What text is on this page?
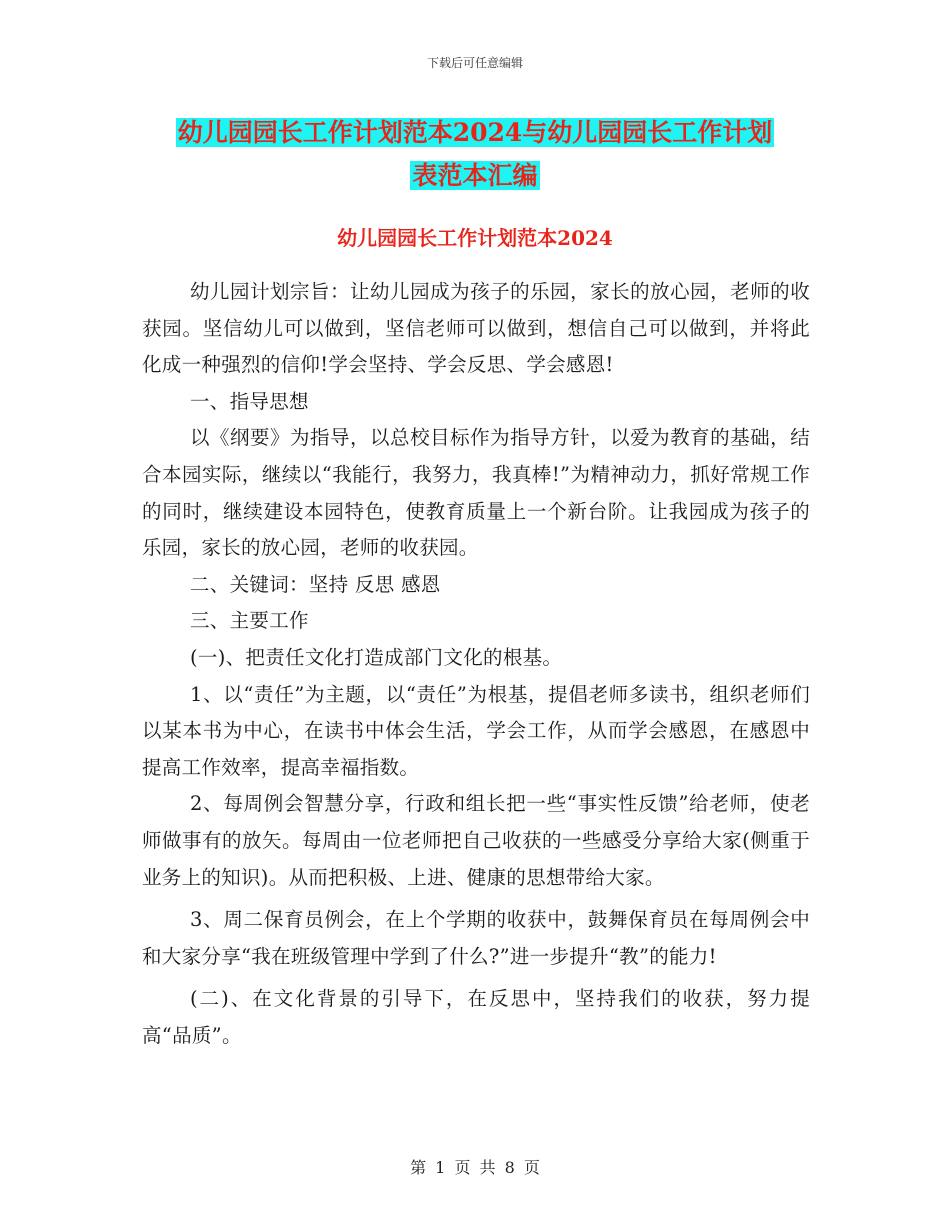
下载后可任意编辑
幼儿园园长工作计划范本2024与幼儿园园长工作计划
表范本汇编
幼儿园园长工作计划范本2024

幼儿园计划宗旨：让幼儿园成为孩子的乐园，家长的放心园，老师的收获园。坚信幼儿可以做到，坚信老师可以做到，想信自己可以做到，并将此化成一种强烈的信仰!学会坚持、学会反思、学会感恩!

一、指导思想

以《纲要》为指导，以总校目标作为指导方针，以爱为教育的基础，结合本园实际，继续以“我能行，我努力，我真棒!”为精神动力，抓好常规工作的同时，继续建设本园特色，使教育质量上一个新台阶。让我园成为孩子的乐园，家长的放心园，老师的收获园。

二、关键词：坚持 反思 感恩

三、主要工作

(一)、把责任文化打造成部门文化的根基。

1、以“责任”为主题，以“责任”为根基，提倡老师多读书，组织老师们以某本书为中心，在读书中体会生活，学会工作，从而学会感恩，在感恩中提高工作效率，提高幸福指数。

2、每周例会智慧分享，行政和组长把一些“事实性反馈”给老师，使老师做事有的放矢。每周由一位老师把自己收获的一些感受分享给大家(侧重于业务上的知识)。从而把积极、上进、健康的思想带给大家。

3、周二保育员例会，在上个学期的收获中，鼓舞保育员在每周例会中和大家分享“我在班级管理中学到了什么?”进一步提升“教”的能力!

(二)、在文化背景的引导下，在反思中，坚持我们的收获，努力提高“品质”。

第 1 页 共 8 页
